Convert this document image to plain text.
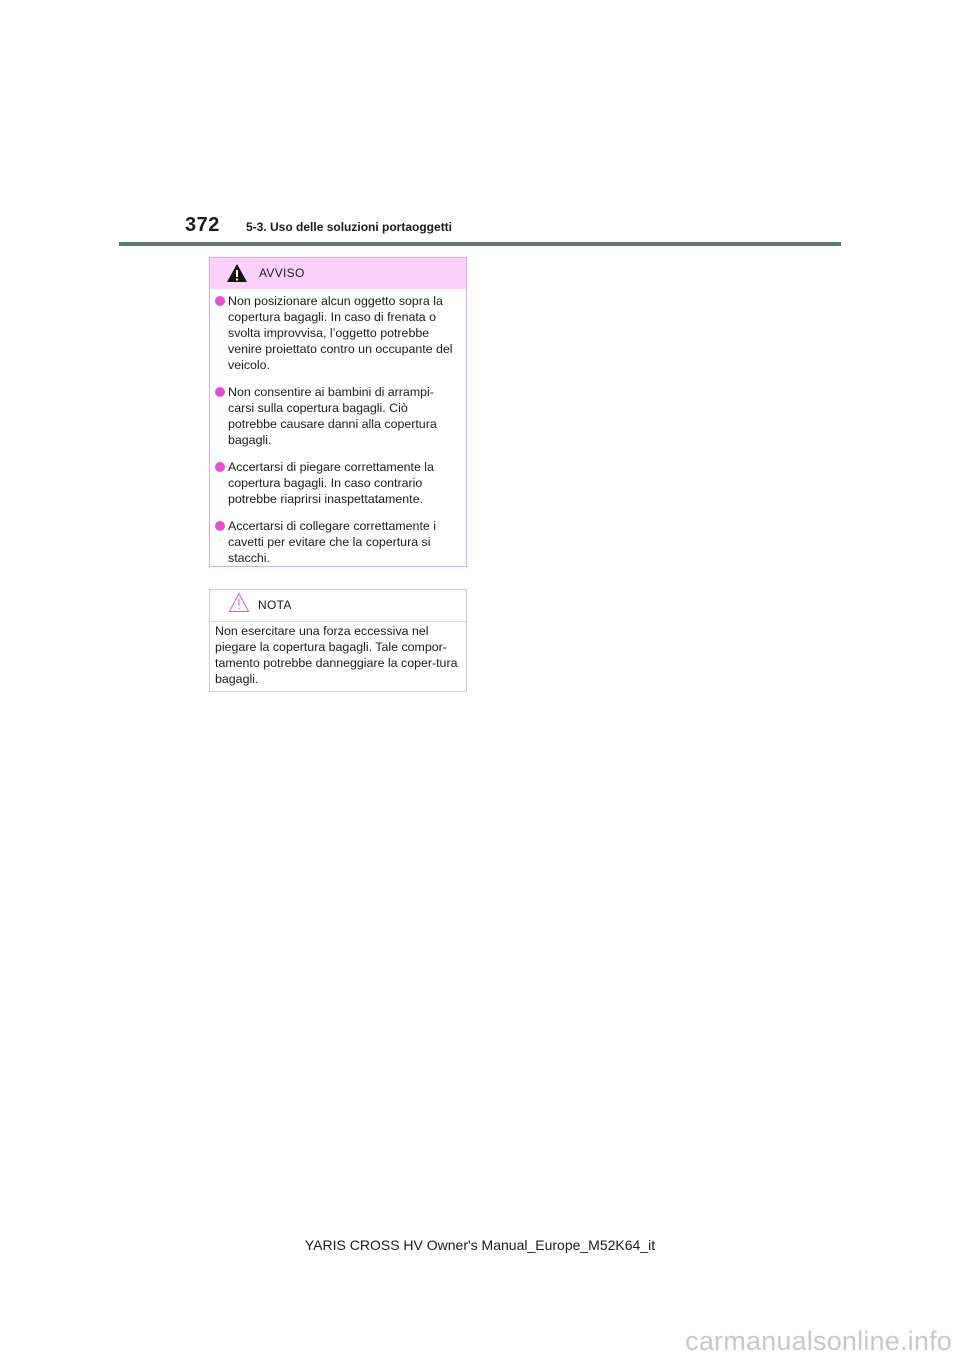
372 5-3. Uso delle soluzioni portaoggetti
AVVISO
Non posizionare alcun oggetto sopra la copertura bagagli. In caso di frenata o svolta improvvisa, l’oggetto potrebbe venire proiettato contro un occupante del veicolo.
Non consentire ai bambini di arrampi-carsi sulla copertura bagagli. Ciò potrebbe causare danni alla copertura bagagli.
Accertarsi di piegare correttamente la copertura bagagli. In caso contrario potrebbe riaprirsi inaspettatamente.
Accertarsi di collegare correttamente i cavetti per evitare che la copertura si stacchi.
NOTA
Non esercitare una forza eccessiva nel piegare la copertura bagagli. Tale compor-tamento potrebbe danneggiare la coper-tura bagagli.
YARIS CROSS HV Owner's Manual_Europe_M52K64_it
carmanualsonline.info
